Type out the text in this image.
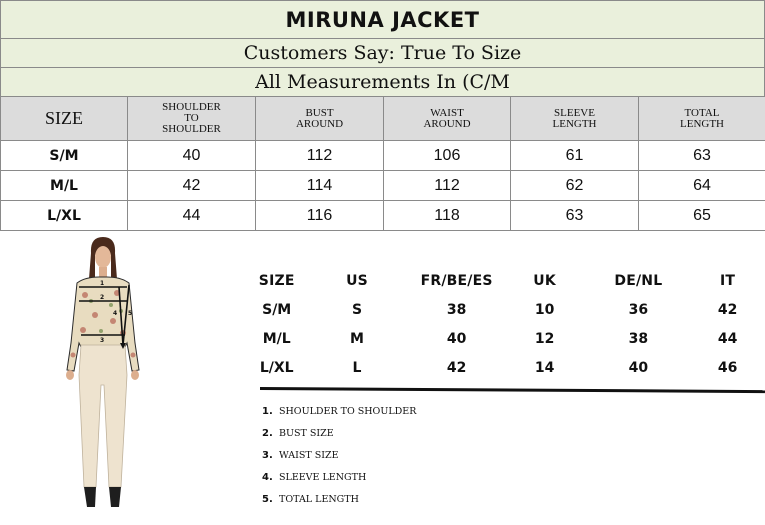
MIRUNA JACKET
Customers Say: True To Size
All Measurements In (C/M
SIZE	SHOULDER TO SHOULDER	BUST AROUND	WAIST AROUND	SLEEVE LENGTH	TOTAL LENGTH
S/M	40	112	106	61	63
M/L	42	114	112	62	64
L/XL	44	116	118	63	65
1
2
3
4 5
SIZE	US	FR/BE/ES	UK	DE/NL	IT
S/M	S	38	10	36	42
M/L	M	40	12	38	44
L/XL	L	42	14	40	46
1. SHOULDER TO SHOULDER
2. BUST SIZE
3. WAIST SIZE
4. SLEEVE LENGTH
5. TOTAL LENGTH
